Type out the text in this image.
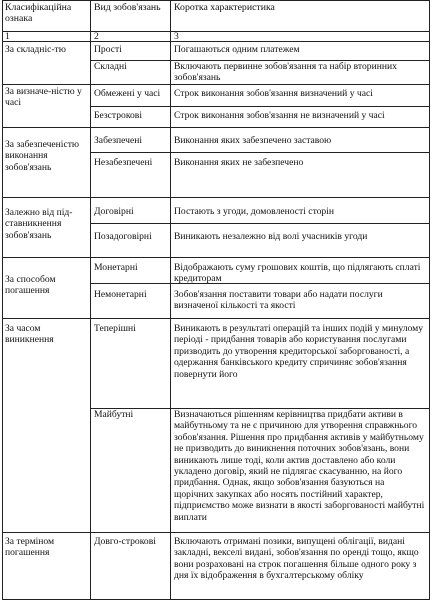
Класифікаційна ознака
Вид зобов'язань	Коротка характеристика
1	2	3
За складніс-тю	Прості	Погашаються одним платежем
Складні	Включають первинне зобов'язання та набір вторинних зобов'язань
За визначе-ністю у часі
Обмежені у часі	Строк виконання зобов'язання визначений у часі
Безстрокові	Строк виконання зобов'язання не визначений у часі
За забезпеченістю виконання зобов'язань
Забезпечені	Виконання яких забезпечено заставою
Незабезпечені	Виконання яких не забезпечено
Залежно від під-ставникнення зобов'язань
Договірні	Постають з угоди, домовленості сторін
Позадоговірні	Виникають незалежно від волі учасників угоди
За способом погашення
Монетарні	Відображають суму грошових коштів, що підлягають сплаті кредиторам
Немонетарні	Зобов'язання поставити товари або надати послуги визначеної кількості та якості
За часом виникнення
Теперішні	Виникають в результаті операцій та інших подій у минулому періоді - придбання товарів або користування послугами призводить до утворення кредиторської заборгованості, а одержання банківського кредиту спричиняє зобов'язання повернути його
Майбутні	Визначаються рішенням керівництва придбати активи в майбутньому та не є причиною для утворення справжнього зобов'язання. Рішення про придбання активів у майбутньому не призводить до виникнення поточних зобов'язань, вони виникають лише тоді, коли актив доставлено або коли укладено договір, який не підлягає скасуванню, на його придбання. Однак, якщо зобов'язання базуються на щорічних закупках або носять постійний характер, підприємство може визнати в якості заборгованості майбутні виплати
За терміном погашення
Довго-строкові	Включають отримані позики, випущені облігації, видані закладні, векселі видані, зобов'язання по оренді тощо, якщо вони розраховані на строк погашення більше одного року з дня їх відображення в бухгалтерському обліку
